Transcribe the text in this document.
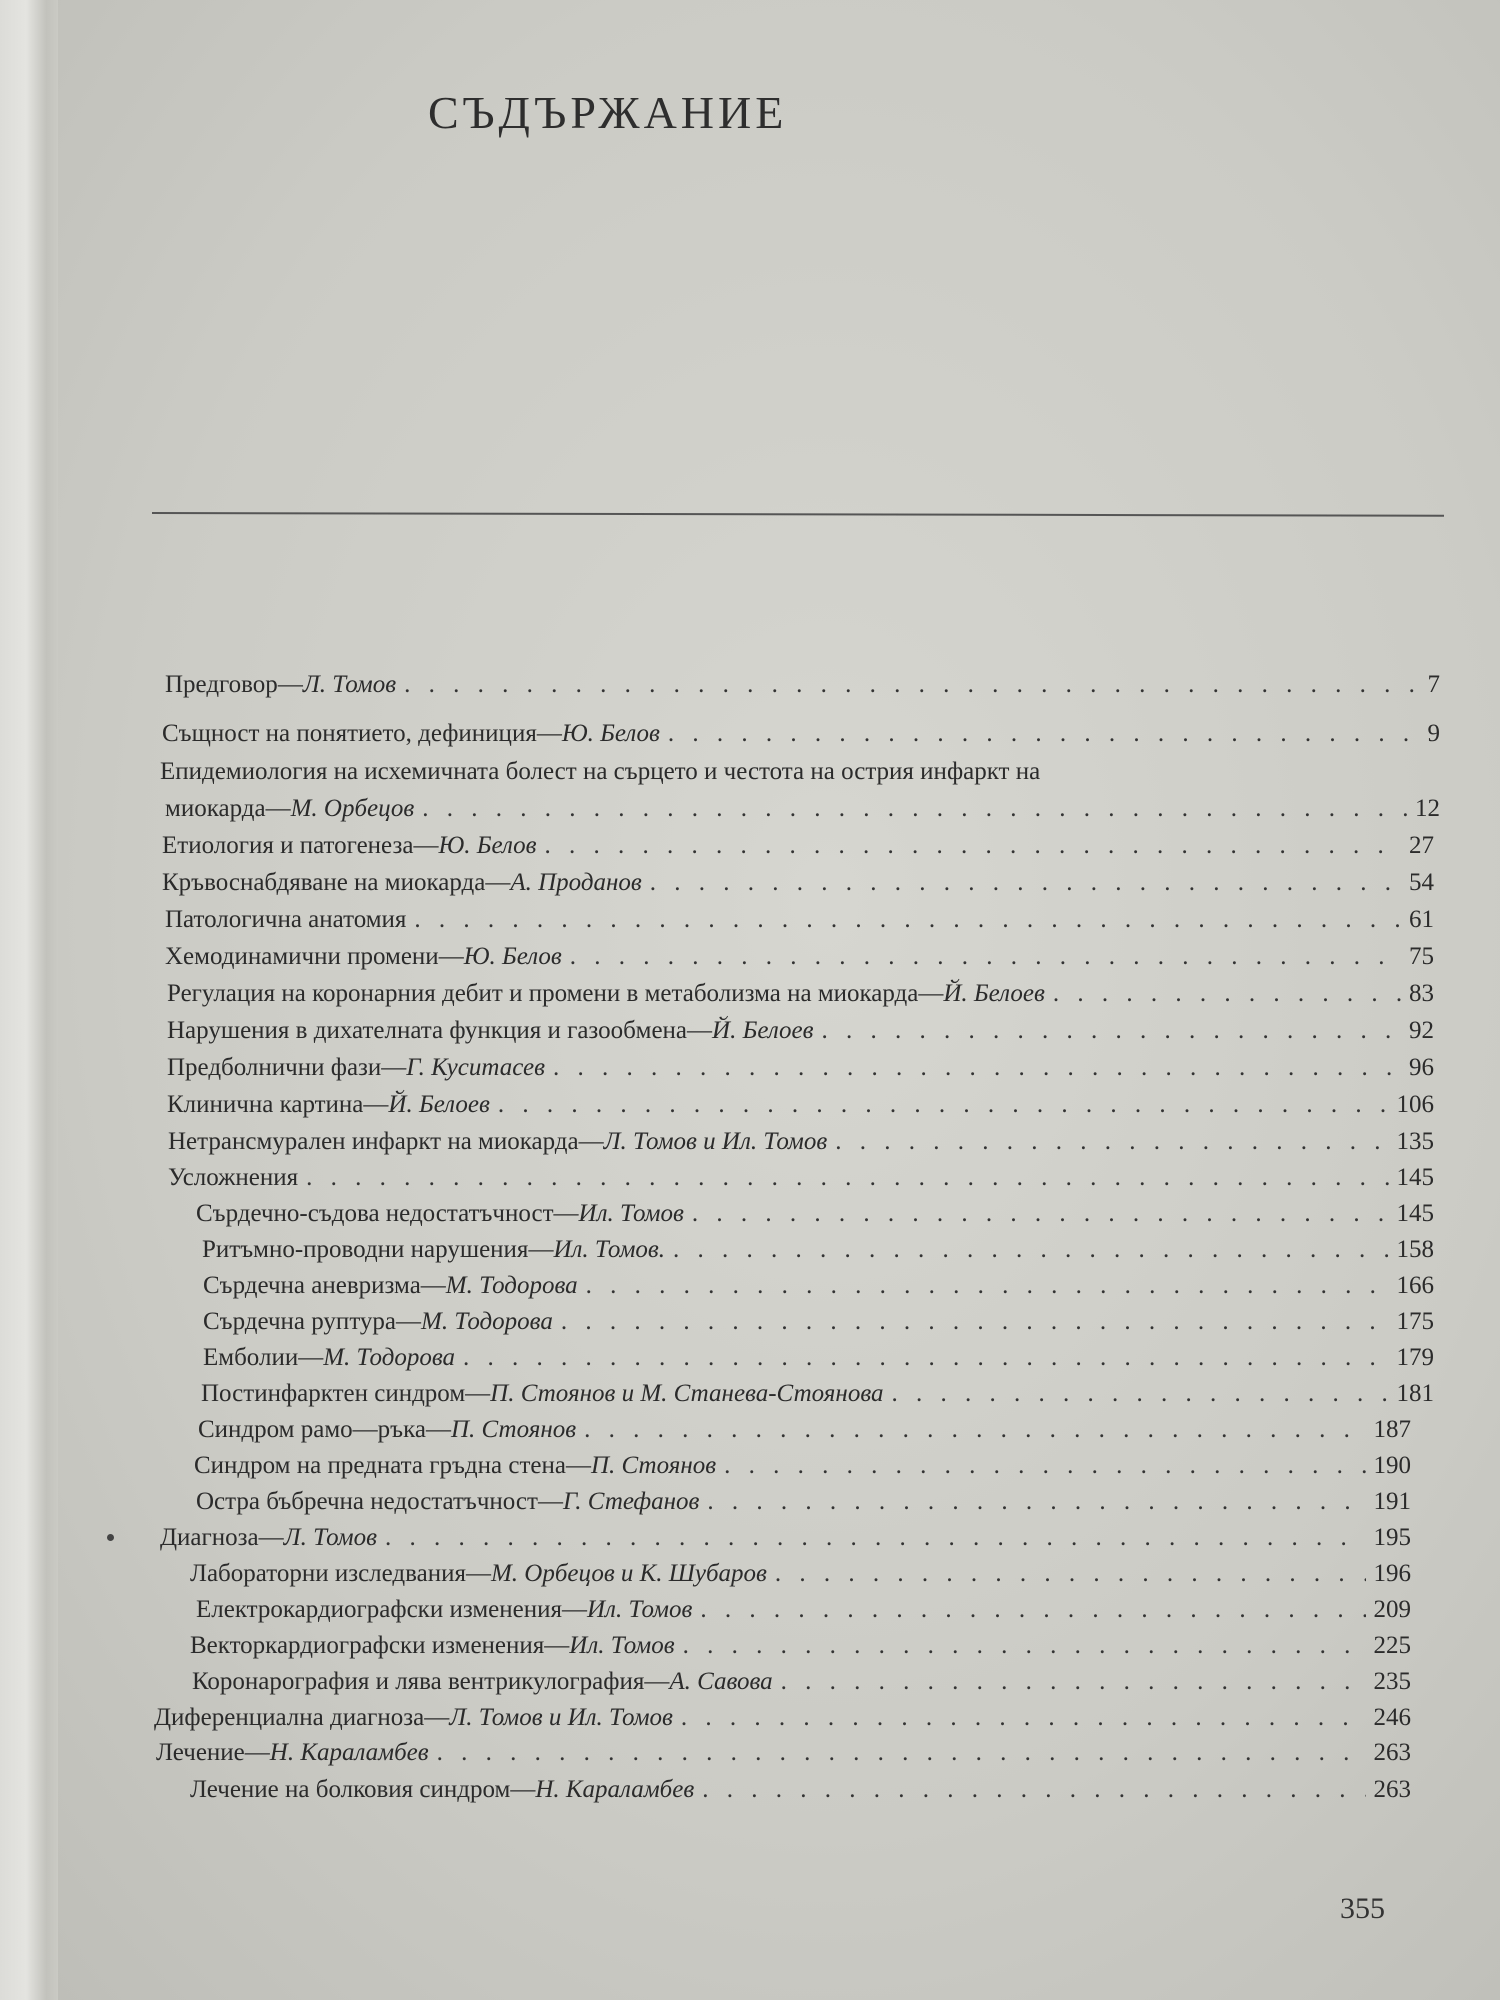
СЪДЪРЖАНИЕ
Предговор — Л. Томов . . .	7
Същност на понятието, дефиниция — Ю. Белов . . .	9
Епидемиология на исхемичната болест на сърцето и честота на острия инфаркт на
миокарда — М. Орбецов . . .	12
Етиология и патогенеза — Ю. Белов . . .	27
Кръвоснабдяване на миокарда — А. Проданов . . .	54
Патологична анатомия . . .	61
Хемодинамични промени — Ю. Белов . . .	75
Регулация на коронарния дебит и промени в метаболизма на миокарда — Й. Белоев . . .	83
Нарушения в дихателната функция и газообмена — Й. Белоев . . .	92
Предболнични фази — Г. Куситасев . . .	96
Клинична картина — Й. Белоев . . .	106
Нетрансмурален инфаркт на миокарда — Л. Томов и Ил. Томов . . .	135
Усложнения . . .	145
Сърдечно-съдова недостатъчност — Ил. Томов . . .	145
Ритъмно-проводни нарушения — Ил. Томов. . . .	158
Сърдечна аневризма — М. Тодорова . . .	166
Сърдечна руптура — М. Тодорова . . .	175
Емболии — М. Тодорова . . .	179
Постинфарктен синдром — П. Стоянов и М. Станева-Стоянова . . .	181
Синдром рамо—ръка — П. Стоянов . . .	187
Синдром на предната гръдна стена — П. Стоянов . . .	190
Остра бъбречна недостатъчност — Г. Стефанов . . .	191
Диагноза — Л. Томов . . .	195
Лабораторни изследвания — М. Орбецов и К. Шубаров . . .	196
Електрокардиографски изменения — Ил. Томов . . .	209
Векторкардиографски изменения — Ил. Томов . . .	225
Коронарография и лява вентрикулография — А. Савова . . .	235
Диференциална диагноза — Л. Томов и Ил. Томов . . .	246
Лечение — Н. Караламбев . . .	263
Лечение на болковия синдром — Н. Караламбев . . .	263
355
